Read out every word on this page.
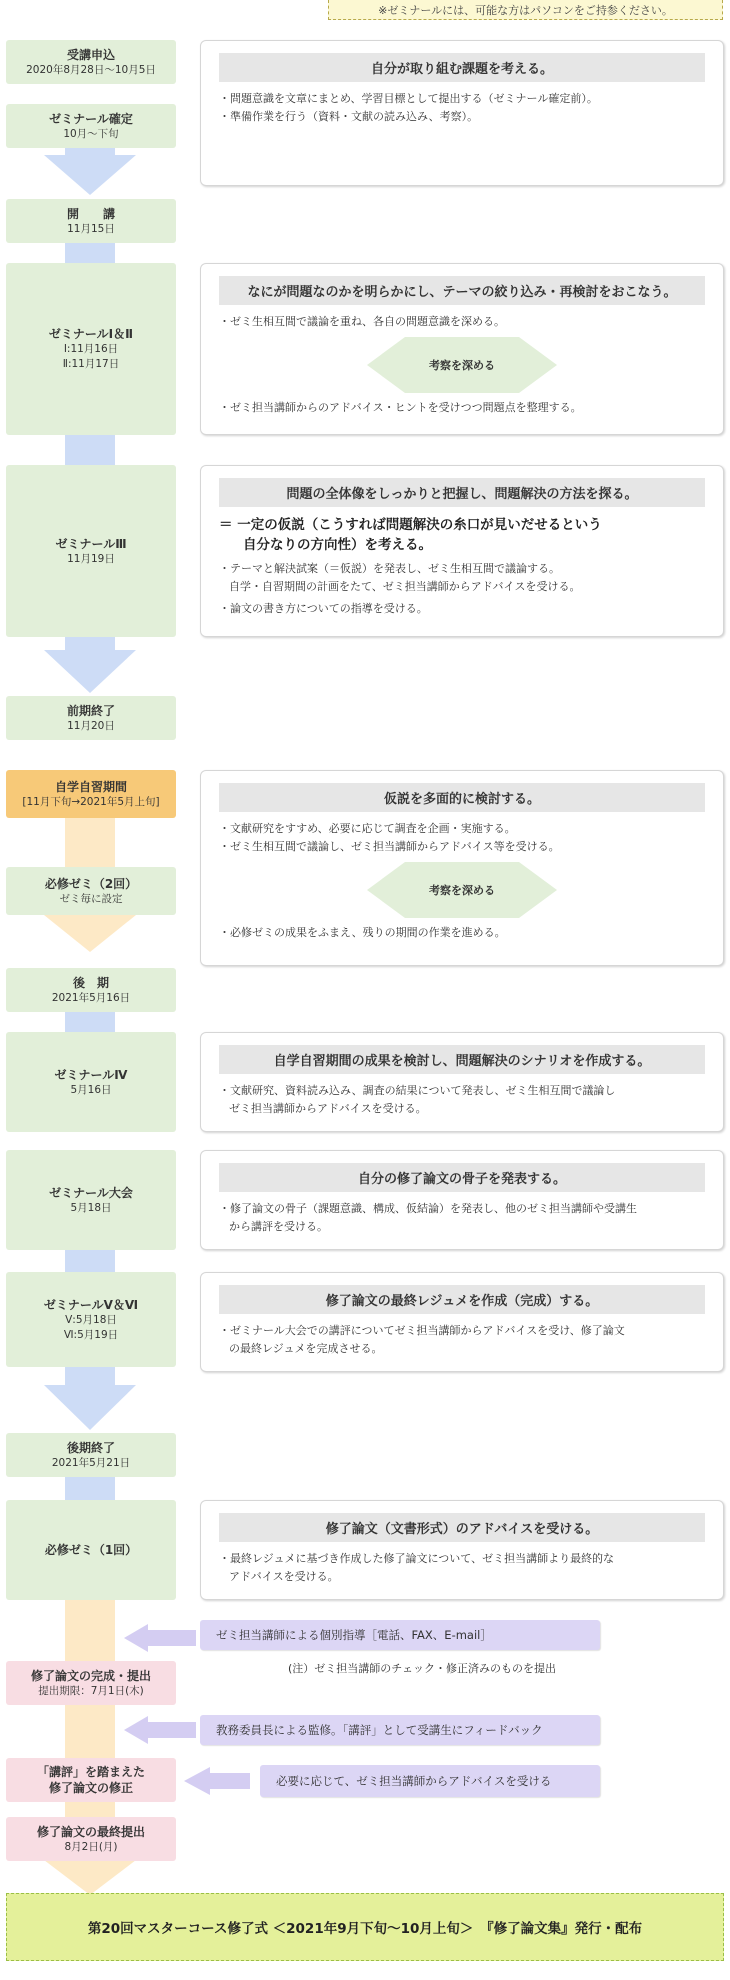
※ゼミナールには、可能な方はパソコンをご持参ください。
受講申込
2020年8月28日〜10月5日
ゼミナール確定
10月〜下旬
開　　講
11月15日
ゼミナールⅠ＆Ⅱ
Ⅰ:11月16日
Ⅱ:11月17日
ゼミナールⅢ
11月19日
前期終了
11月20日
自学自習期間
[11月下旬→2021年5月上旬]
必修ゼミ（2回）
ゼミ毎に設定
後　期
2021年5月16日
ゼミナールⅣ
5月16日
ゼミナール大会
5月18日
ゼミナールⅤ＆Ⅵ
Ⅴ:5月18日
Ⅵ:5月19日
後期終了
2021年5月21日
必修ゼミ（1回）
修了論文の完成・提出
提出期限：7月1日(木)
「講評」を踏まえた
修了論文の修正
修了論文の最終提出
8月2日(月)
自分が取り組む課題を考える。
・問題意識を文章にまとめ、学習目標として提出する（ゼミナール確定前）。
・準備作業を行う（資料・文献の読み込み、考察）。
なにが問題なのかを明らかにし、テーマの絞り込み・再検討をおこなう。
・ゼミ生相互間で議論を重ね、各自の問題意識を深める。
考察を深める
・ゼミ担当講師からのアドバイス・ヒントを受けつつ問題点を整理する。
問題の全体像をしっかりと把握し、問題解決の方法を探る。
＝ 一定の仮説（こうすれば問題解決の糸口が見いだせるという
自分なりの方向性）を考える。
・テーマと解決試案（＝仮説）を発表し、ゼミ生相互間で議論する。
自学・自習期間の計画をたて、ゼミ担当講師からアドバイスを受ける。
・論文の書き方についての指導を受ける。
仮説を多面的に検討する。
・文献研究をすすめ、必要に応じて調査を企画・実施する。
・ゼミ生相互間で議論し、ゼミ担当講師からアドバイス等を受ける。
考察を深める
・必修ゼミの成果をふまえ、残りの期間の作業を進める。
自学自習期間の成果を検討し、問題解決のシナリオを作成する。
・文献研究、資料読み込み、調査の結果について発表し、ゼミ生相互間で議論し
ゼミ担当講師からアドバイスを受ける。
自分の修了論文の骨子を発表する。
・修了論文の骨子（課題意識、構成、仮結論）を発表し、他のゼミ担当講師や受講生
から講評を受ける。
修了論文の最終レジュメを作成（完成）する。
・ゼミナール大会での講評についてゼミ担当講師からアドバイスを受け、修了論文
の最終レジュメを完成させる。
修了論文（文書形式）のアドバイスを受ける。
・最終レジュメに基づき作成した修了論文について、ゼミ担当講師より最終的な
アドバイスを受ける。
ゼミ担当講師による個別指導［電話、FAX、E-mail］
(注）ゼミ担当講師のチェック・修正済みのものを提出
教務委員長による監修。「講評」として受講生にフィードバック
必要に応じて、ゼミ担当講師からアドバイスを受ける
第20回マスターコース修了式 ＜2021年9月下旬〜10月上旬＞　『修了論文集』発行・配布
